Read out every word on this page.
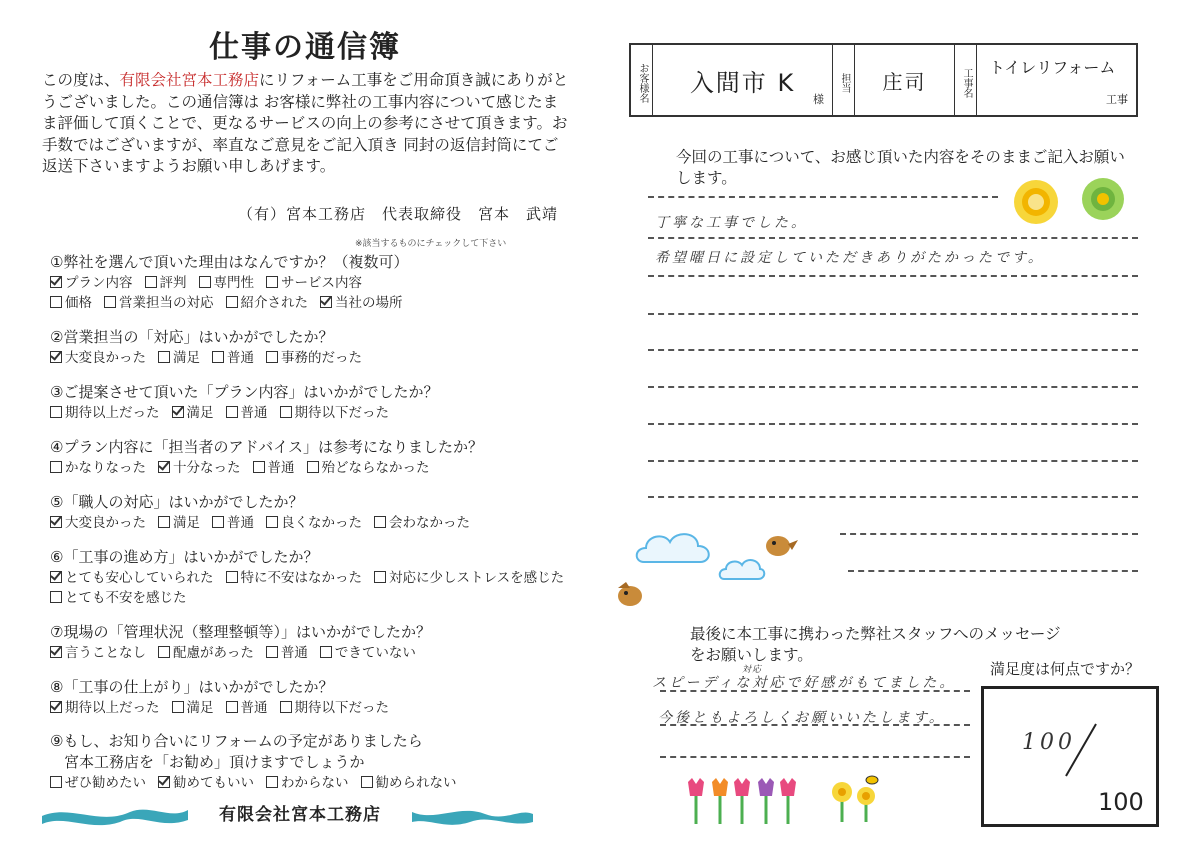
仕事の通信簿
この度は、有限会社宮本工務店にリフォーム工事をご用命頂き誠にありがとうございました。この通信簿は お客様に弊社の工事内容について感じたまま評価して頂くことで、更なるサービスの向上の参考にさせて頂きます。お手数ではございますが、率直なご意見をご記入頂き 同封の返信封筒にてご返送下さいますようお願い申しあげます。
（有）宮本工務店　代表取締役　宮本　武靖
※該当するものにチェックして下さい
①弊社を選んで頂いた理由はなんですか？（複数可）
プラン内容 評判 専門性 サービス内容
価格 営業担当の対応 紹介された 当社の場所
②営業担当の「対応」はいかがでしたか？
大変良かった 満足 普通 事務的だった
③ご提案させて頂いた「プラン内容」はいかがでしたか？
期待以上だった 満足 普通 期待以下だった
④プラン内容に「担当者のアドバイス」は参考になりましたか？
かなりなった 十分なった 普通 殆どならなかった
⑤「職人の対応」はいかがでしたか？
大変良かった 満足 普通 良くなかった 会わなかった
⑥「工事の進め方」はいかがでしたか？
とても安心していられた 特に不安はなかった 対応に少しストレスを感じたとても不安を感じた
⑦現場の「管理状況（整理整頓等）」はいかがでしたか？
言うことなし 配慮があった 普通 できていない
⑧「工事の仕上がり」はいかがでしたか？
期待以上だった 満足 普通 期待以下だった
⑨もし、お知り合いにリフォームの予定がありましたら
宮本工務店を「お勧め」頂けますでしょうか
ぜひ勧めたい 勧めてもいい わからない 勧められない
有限会社宮本工務店
お客様名 入間市 K
様
担当 庄司	工事名
トイレリフォーム
工事
今回の工事について、お感じ頂いた内容をそのままご記入お願いします。
丁寧な工事でした。
希望曜日に設定していただきありがたかったです。
最後に本工事に携わった弊社スタッフへのメッセージをお願いします。
スピーディな対応で好感がもてました。
対応
今後ともよろしくお願いいたします。
満足度は何点ですか？
100
100
